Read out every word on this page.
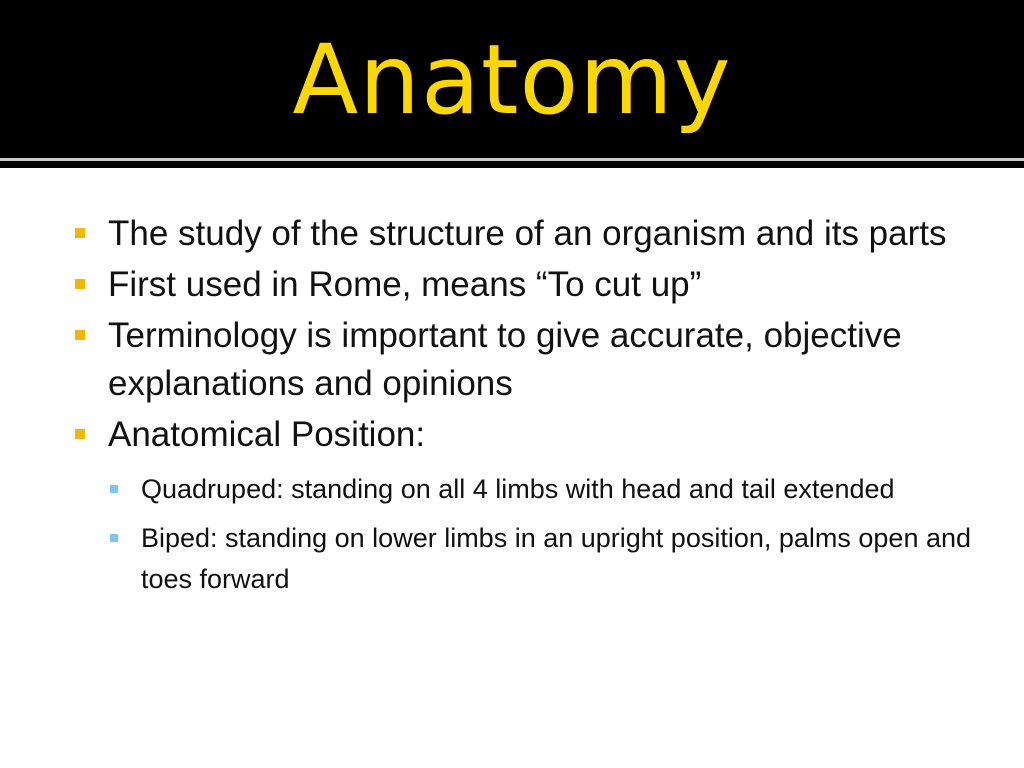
Anatomy
The study of the structure of an organism and its parts
First used in Rome, means “To cut up”
Terminology is important to give accurate, objective explanations and opinions
Anatomical Position:
Quadruped: standing on all 4 limbs with head and tail extended
Biped: standing on lower limbs in an upright position, palms open and toes forward
